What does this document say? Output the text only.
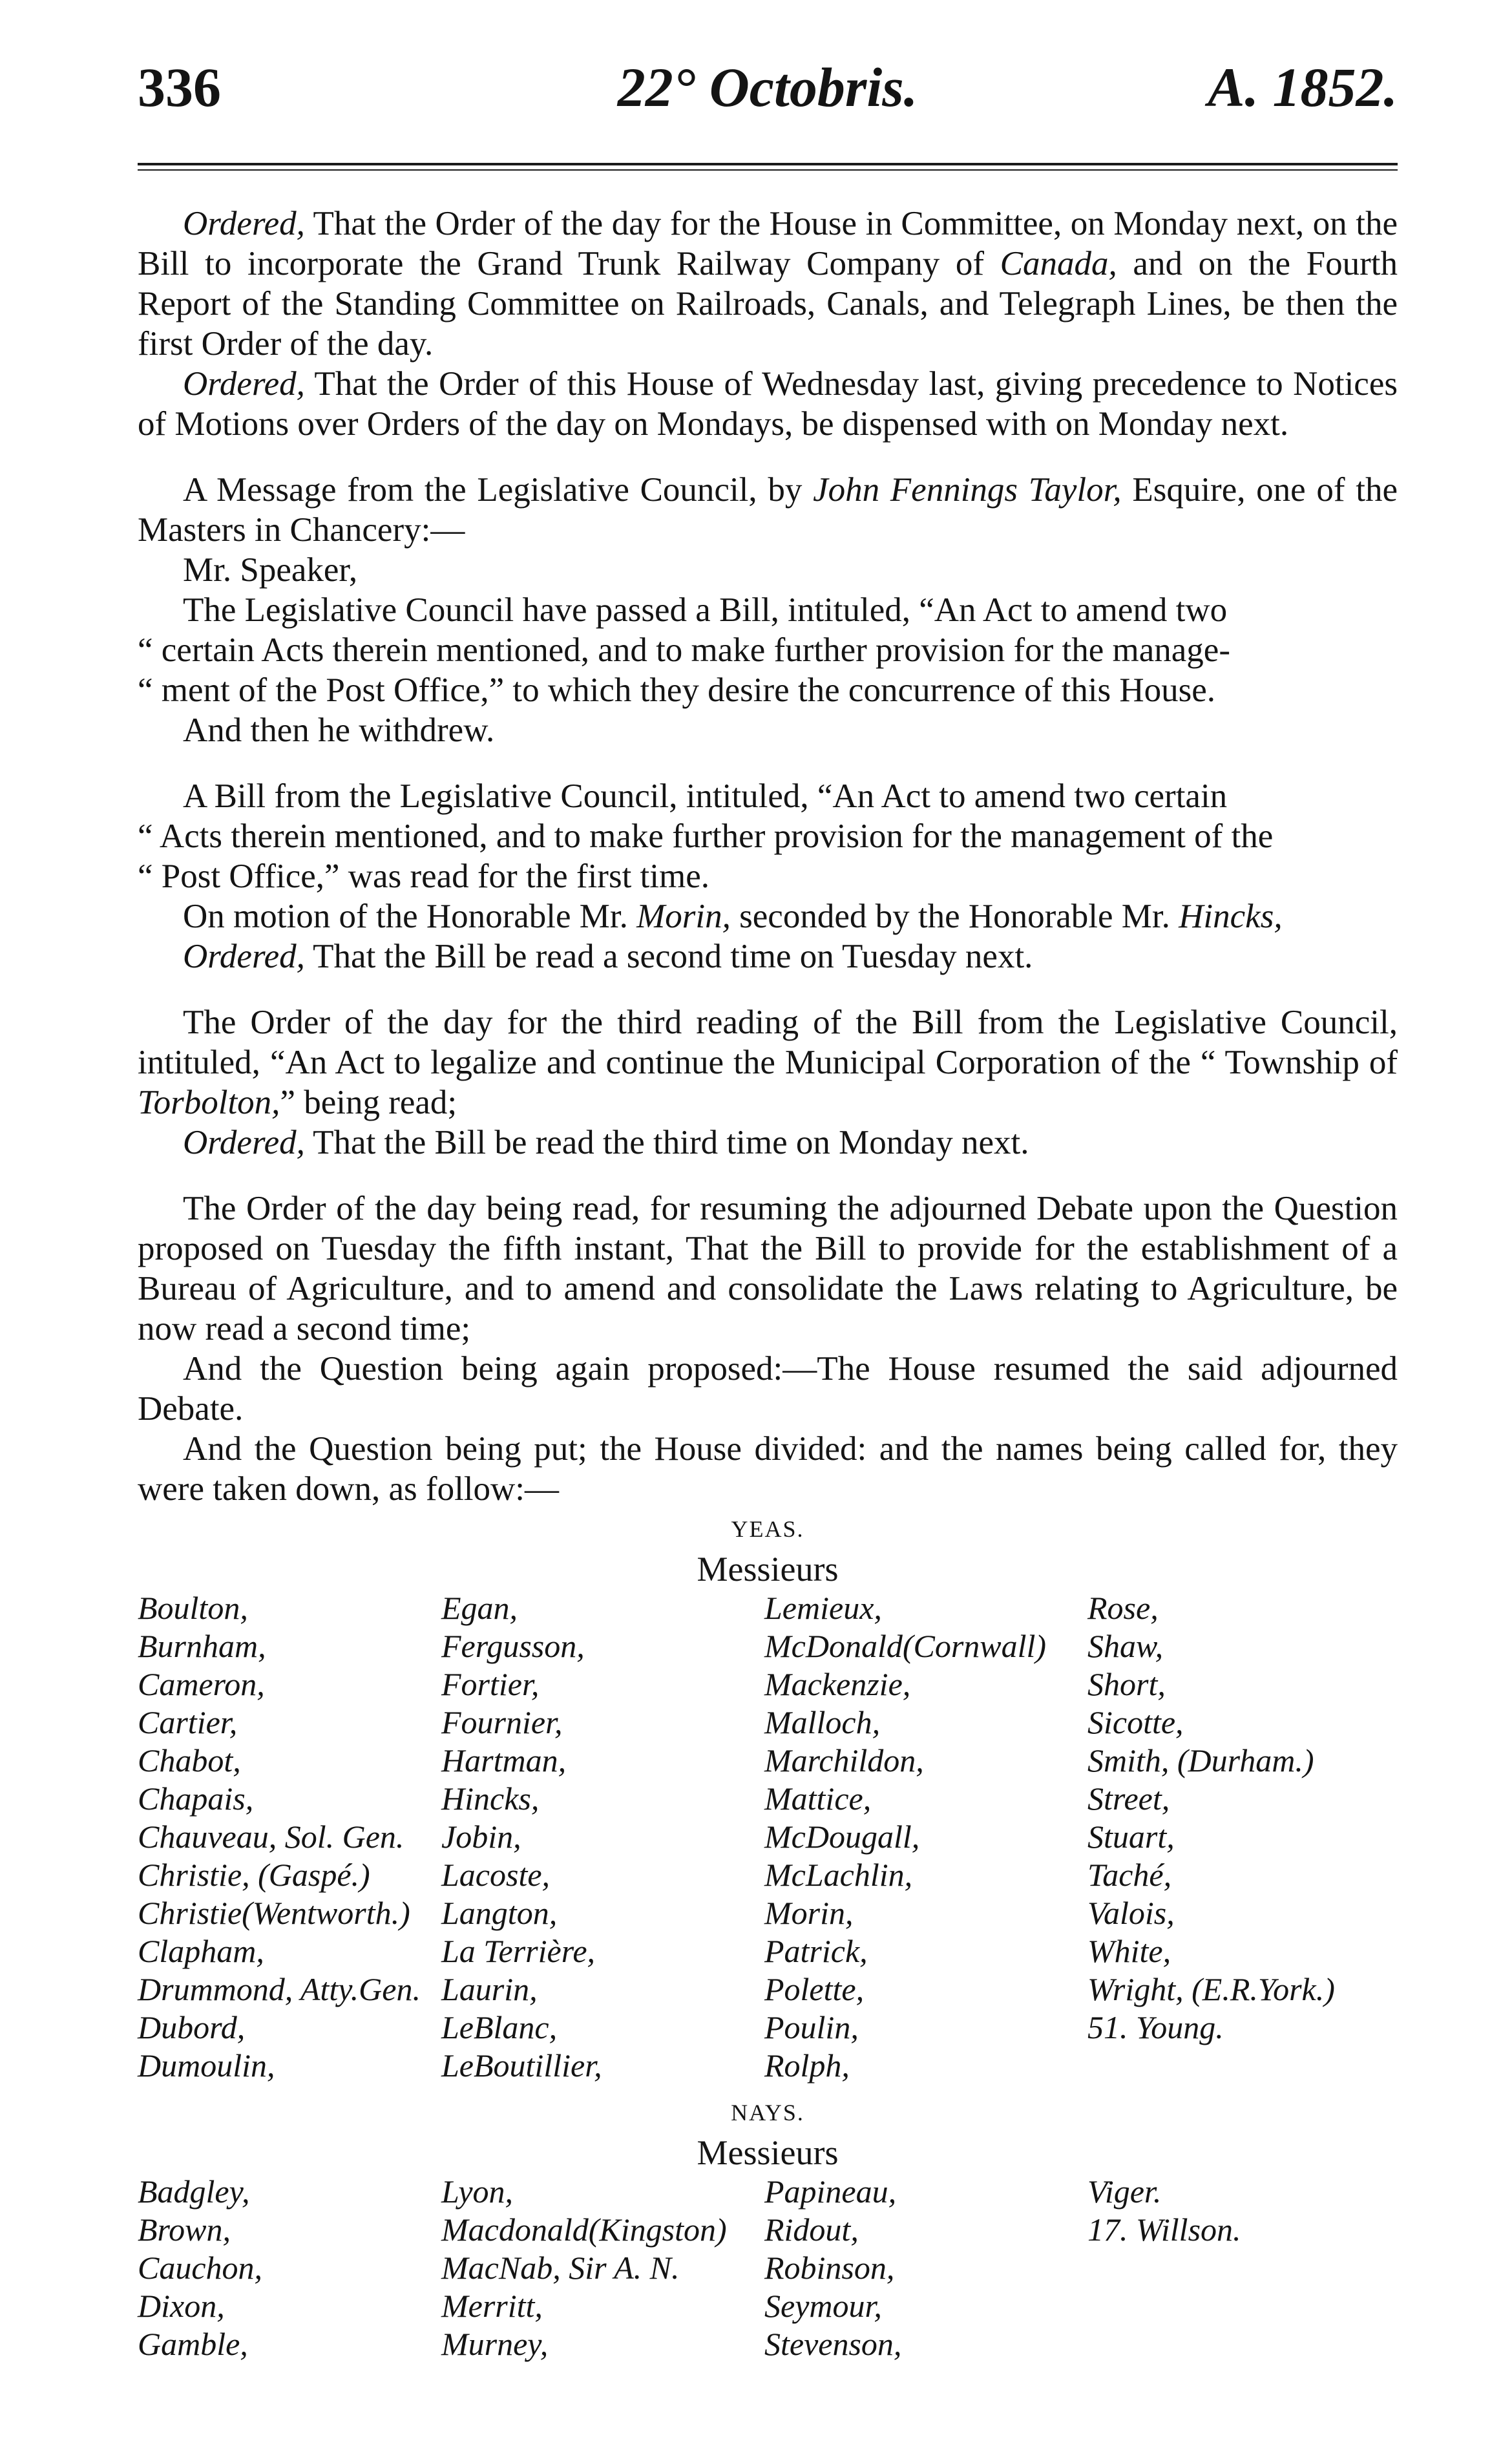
336	22° Octobris.	A. 1852.

Ordered, That the Order of the day for the House in Committee, on Monday next, on the Bill to incorporate the Grand Trunk Railway Company of Canada, and on the Fourth Report of the Standing Committee on Railroads, Canals, and Telegraph Lines, be then the first Order of the day.

Ordered, That the Order of this House of Wednesday last, giving precedence to Notices of Motions over Orders of the day on Mondays, be dispensed with on Monday next.

A Message from the Legislative Council, by John Fennings Taylor, Esquire, one of the Masters in Chancery:—

Mr. Speaker,

The Legislative Council have passed a Bill, intituled, “An Act to amend two

“ certain Acts therein mentioned, and to make further provision for the manage-

“ ment of the Post Office,” to which they desire the concurrence of this House.

And then he withdrew.

A Bill from the Legislative Council, intituled, “An Act to amend two certain

“ Acts therein mentioned, and to make further provision for the management of the

“ Post Office,” was read for the first time.

On motion of the Honorable Mr. Morin, seconded by the Honorable Mr. Hincks,

Ordered, That the Bill be read a second time on Tuesday next.

The Order of the day for the third reading of the Bill from the Legislative Council, intituled, “An Act to legalize and continue the Municipal Corporation of the “ Township of Torbolton,” being read;

Ordered, That the Bill be read the third time on Monday next.

The Order of the day being read, for resuming the adjourned Debate upon the Question proposed on Tuesday the fifth instant, That the Bill to provide for the establishment of a Bureau of Agriculture, and to amend and consolidate the Laws relating to Agriculture, be now read a second time;

And the Question being again proposed:—The House resumed the said adjourned Debate.

And the Question being put; the House divided: and the names being called for, they were taken down, as follow:—

YEAS.

Messieurs

Boulton,	Egan,	Lemieux,	Rose,
Burnham,	Fergusson,	McDonald(Cornwall)	Shaw,
Cameron,	Fortier,	Mackenzie,	Short,
Cartier,	Fournier,	Malloch,	Sicotte,
Chabot,	Hartman,	Marchildon,	Smith, (Durham.)
Chapais,	Hincks,	Mattice,	Street,
Chauveau, Sol. Gen.	Jobin,	McDougall,	Stuart,
Christie, (Gaspé.)	Lacoste,	McLachlin,	Taché,
Christie(Wentworth.) Langton,	Morin,	Valois,
Clapham,	La Terrière,	Patrick,	White,
Drummond, Atty.Gen. Laurin,	Polette,	Wright, (E.R.York.)
Dubord,	LeBlanc,	Poulin,	51. Young.
Dumoulin,	LeBoutillier,	Rolph,

NAYS.

Messieurs

Badgley,	Lyon,	Papineau,	Viger.
Brown,	Macdonald(Kingston)	Ridout,	17. Willson.
Cauchon,	MacNab, Sir A. N.	Robinson,
Dixon,	Merritt,	Seymour,
Gamble,	Murney,	Stevenson,
